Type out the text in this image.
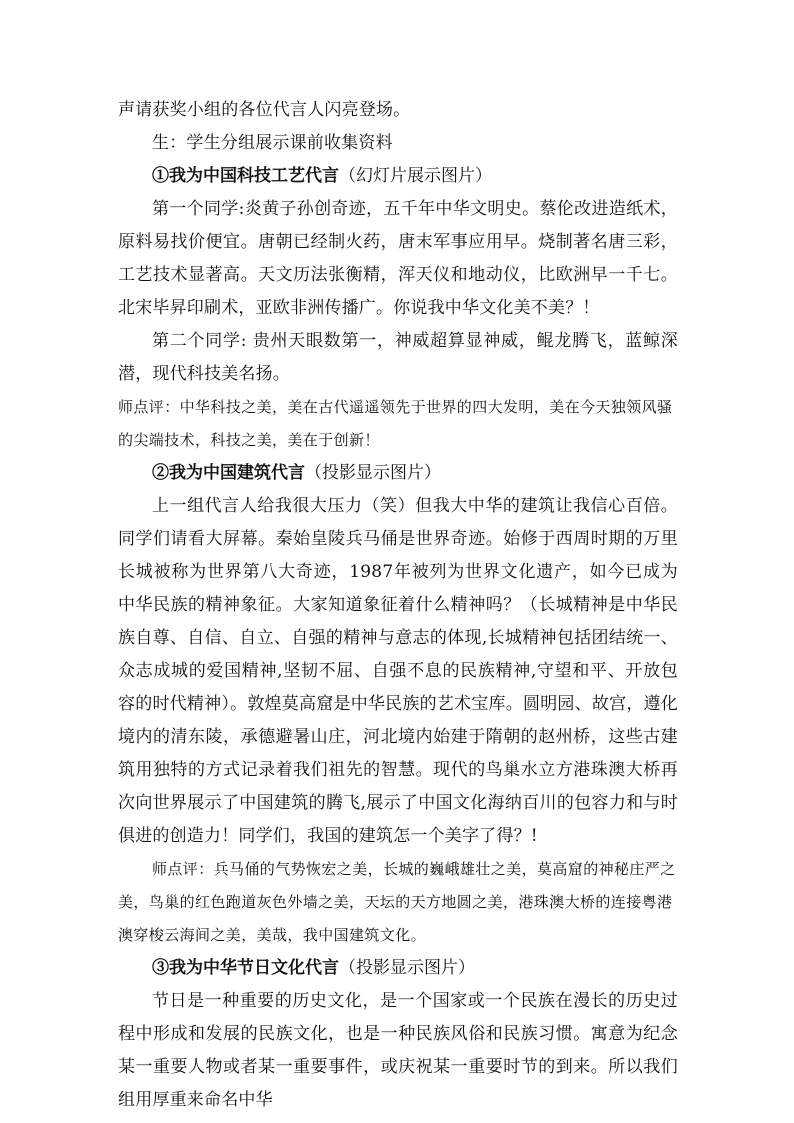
声请获奖小组的各位代言人闪亮登场。

生：学生分组展示课前收集资料

①我为中国科技工艺代言（幻灯片展示图片）

第一个同学:炎黄子孙创奇迹，五千年中华文明史。蔡伦改进造纸术，原料易找价便宜。唐朝已经制火药，唐末军事应用早。烧制著名唐三彩，工艺技术显著高。天文历法张衡精，浑天仪和地动仪，比欧洲早一千七。北宋毕昇印刷术，亚欧非洲传播广。你说我中华文化美不美？！

第二个同学: 贵州天眼数第一，神威超算显神威，鲲龙腾飞，蓝鲸深潜，现代科技美名扬。

师点评：中华科技之美，美在古代遥遥领先于世界的四大发明，美在今天独领风骚的尖端技术，科技之美，美在于创新！

②我为中国建筑代言（投影显示图片）

上一组代言人给我很大压力（笑）但我大中华的建筑让我信心百倍。同学们请看大屏幕。秦始皇陵兵马俑是世界奇迹。始修于西周时期的万里长城被称为世界第八大奇迹，1987年被列为世界文化遗产，如今已成为中华民族的精神象征。大家知道象征着什么精神吗？（长城精神是中华民族自尊、自信、自立、自强的精神与意志的体现,长城精神包括团结统一、众志成城的爱国精神,坚韧不屈、自强不息的民族精神,守望和平、开放包容的时代精神）。敦煌莫高窟是中华民族的艺术宝库。圆明园、故宫，遵化境内的清东陵，承德避暑山庄，河北境内始建于隋朝的赵州桥，这些古建筑用独特的方式记录着我们祖先的智慧。现代的鸟巢水立方港珠澳大桥再次向世界展示了中国建筑的腾飞,展示了中国文化海纳百川的包容力和与时俱进的创造力！同学们，我国的建筑怎一个美字了得？!

师点评：兵马俑的气势恢宏之美，长城的巍峨雄壮之美，莫高窟的神秘庄严之美，鸟巢的红色跑道灰色外墙之美，天坛的天方地圆之美，港珠澳大桥的连接粤港澳穿梭云海间之美，美哉，我中国建筑文化。

③我为中华节日文化代言（投影显示图片）

节日是一种重要的历史文化，是一个国家或一个民族在漫长的历史过程中形成和发展的民族文化，也是一种民族风俗和民族习惯。寓意为纪念某一重要人物或者某一重要事件，或庆祝某一重要时节的到来。所以我们组用厚重来命名中华
